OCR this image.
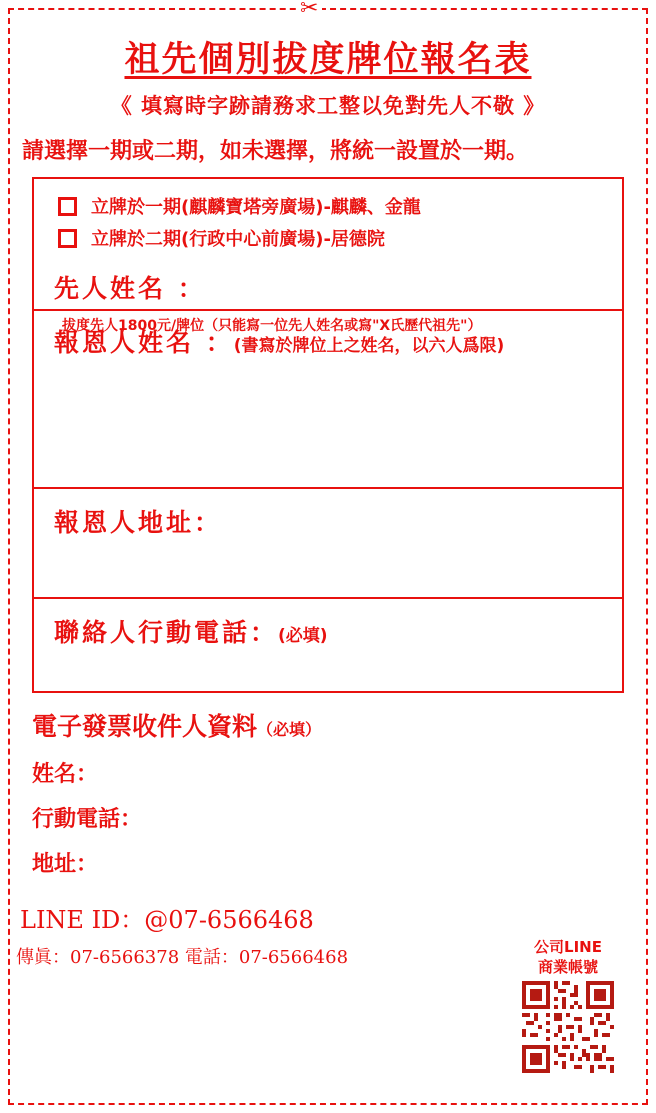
✂
祖先個別拔度牌位報名表
《 填寫時字跡請務求工整以免對先人不敬 》
請選擇一期或二期，如未選擇，將統一設置於一期。
立牌於一期(麒麟寶塔旁廣場)-麒麟、金龍
立牌於二期(行政中心前廣場)-居德院
先人姓名 ：
拔度先人1800元/牌位（只能寫一位先人姓名或寫"X氏歷代祖先"）
報恩人姓名 ：(書寫於牌位上之姓名，以六人爲限)
報恩人地址：
聯絡人行動電話：(必填)
電子發票收件人資料（必填）
姓名：
行動電話：
地址：
LINE ID：@07-6566468
傳眞：07-6566378 電話：07-6566468
公司LINE
商業帳號
